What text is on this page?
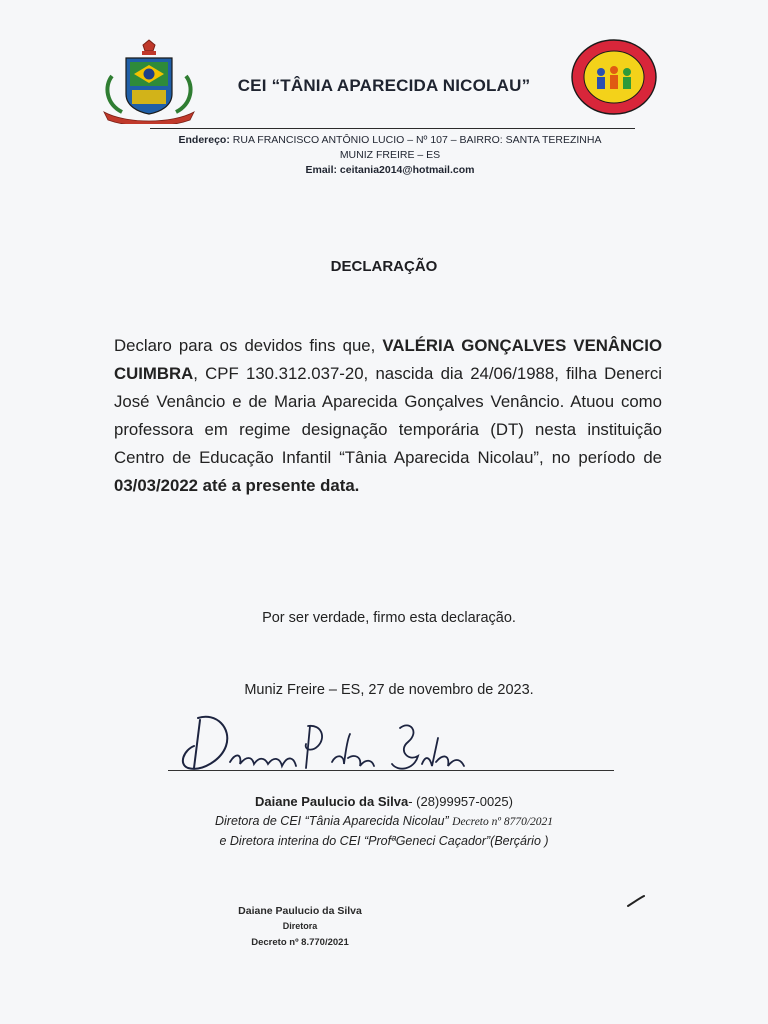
CEI “TÂNIA APARECIDA NICOLAU”
Endereço: RUA FRANCISCO ANTÔNIO LUCIO – Nº 107 – BAIRRO: SANTA TEREZINHA
MUNIZ FREIRE – ES
Email: ceitania2014@hotmail.com
DECLARAÇÃO
Declaro para os devidos fins que, VALÉRIA GONÇALVES VENÂNCIO CUIMBRA, CPF 130.312.037-20, nascida dia 24/06/1988, filha Denerci José Venâncio e de Maria Aparecida Gonçalves Venâncio. Atuou como professora em regime designação temporária (DT) nesta instituição Centro de Educação Infantil “Tânia Aparecida Nicolau”, no período de 03/03/2022 até a presente data.
Por ser verdade, firmo esta declaração.
Muniz Freire – ES, 27 de novembro de 2023.
Daiane Paulucio da Silva- (28)99957-0025)
Diretora de CEI “Tânia Aparecida Nicolau” Decreto nº 8770/2021
e Diretora interina do CEI “ProfªGeneci Caçador”(Berçário )
Daiane Paulucio da Silva
Diretora
Decreto nº 8.770/2021
